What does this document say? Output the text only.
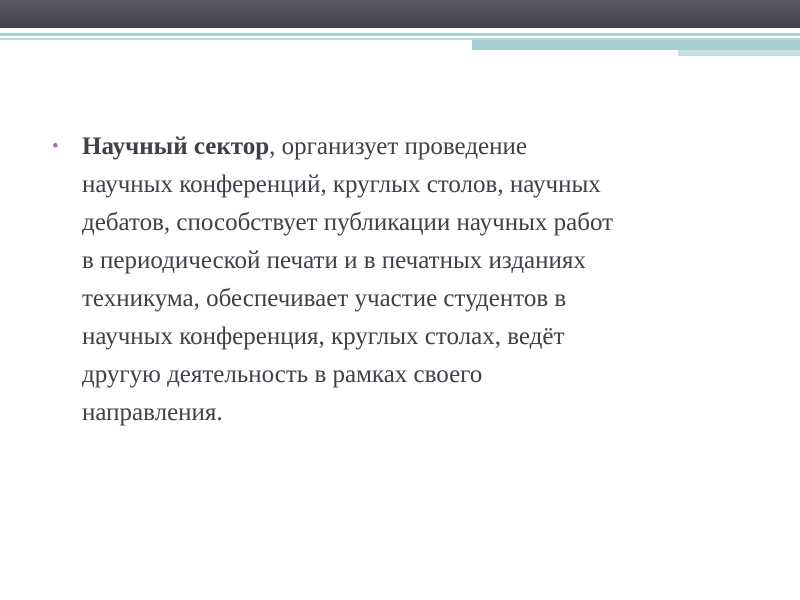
• Научный сектор, организует проведение

научных конференций, круглых столов, научных

дебатов, способствует публикации научных работ

в периодической печати и в печатных изданиях

техникума, обеспечивает участие студентов в

научных конференция, круглых столах, ведёт

другую деятельность в рамках своего

направления.
